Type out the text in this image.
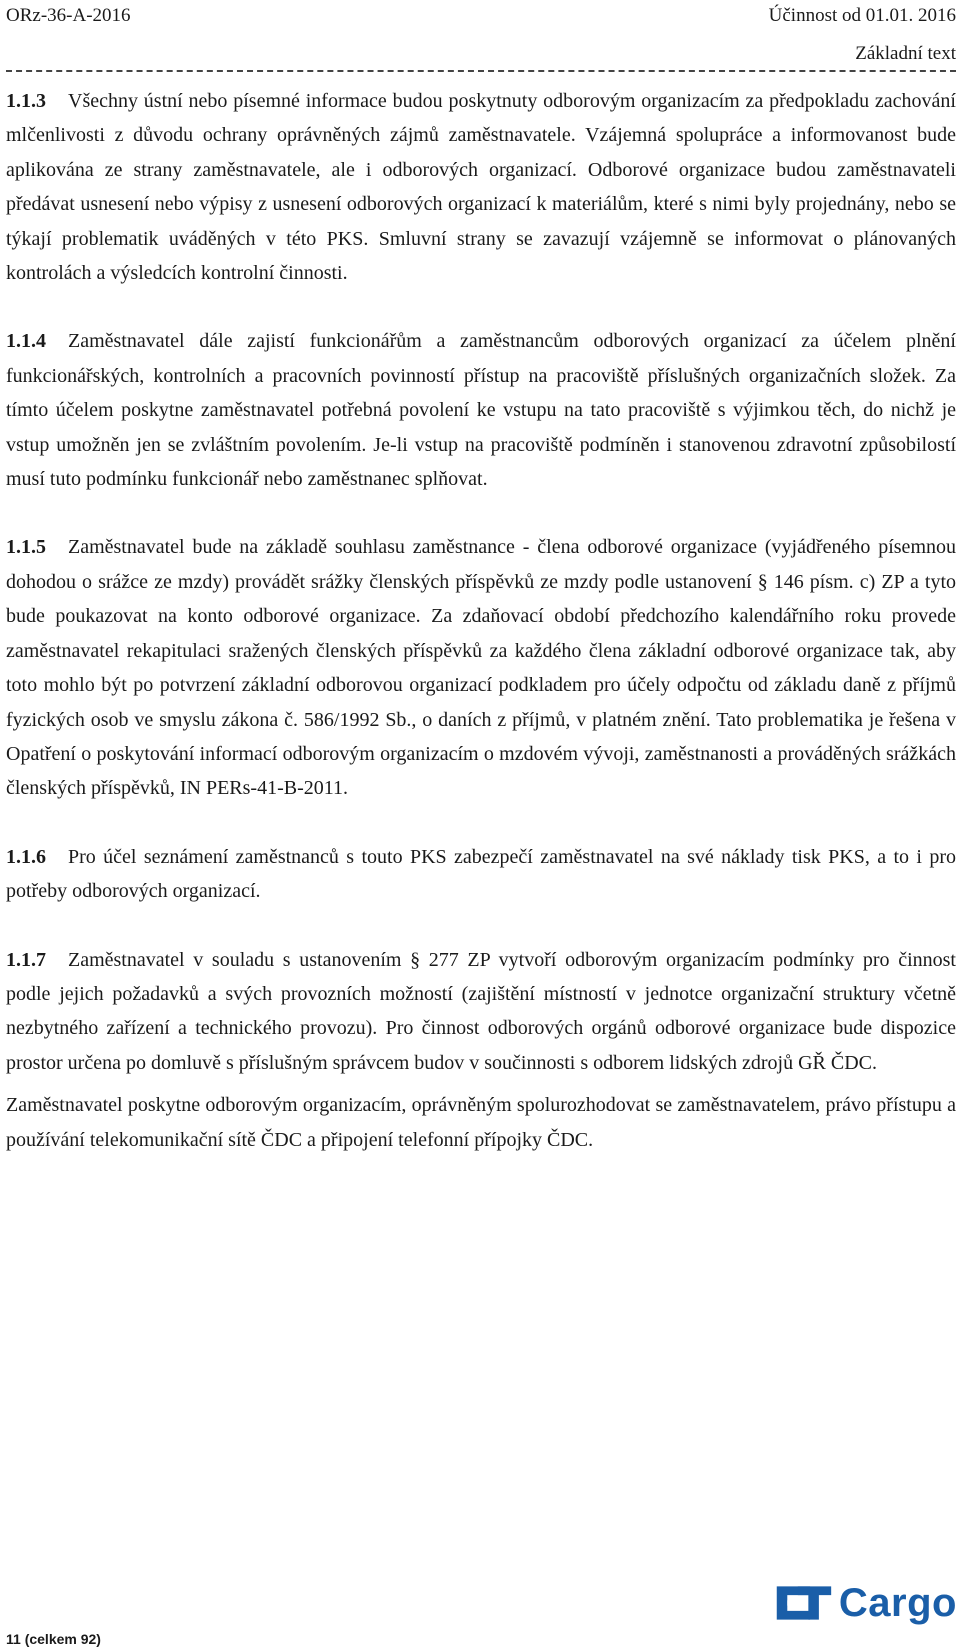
ORz-36-A-2016	Účinnost od 01.01. 2016
Základní text

1.1.3 Všechny ústní nebo písemné informace budou poskytnuty odborovým organizacím za předpokladu zachování mlčenlivosti z důvodu ochrany oprávněných zájmů zaměstnavatele. Vzájemná spolupráce a informovanost bude aplikována ze strany zaměstnavatele, ale i odborových organizací. Odborové organizace budou zaměstnavateli předávat usnesení nebo výpisy z usnesení odborových organizací k materiálům, které s nimi byly projednány, nebo se týkají problematik uváděných v této PKS. Smluvní strany se zavazují vzájemně se informovat o plánovaných kontrolách a výsledcích kontrolní činnosti.

1.1.4 Zaměstnavatel dále zajistí funkcionářům a zaměstnancům odborových organizací za účelem plnění funkcionářských, kontrolních a pracovních povinností přístup na pracoviště příslušných organizačních složek. Za tímto účelem poskytne zaměstnavatel potřebná povolení ke vstupu na tato pracoviště s výjimkou těch, do nichž je vstup umožněn jen se zvláštním povolením. Je-li vstup na pracoviště podmíněn i stanovenou zdravotní způsobilostí musí tuto podmínku funkcionář nebo zaměstnanec splňovat.

1.1.5 Zaměstnavatel bude na základě souhlasu zaměstnance - člena odborové organizace (vyjádřeného písemnou dohodou o srážce ze mzdy) provádět srážky členských příspěvků ze mzdy podle ustanovení § 146 písm. c) ZP a tyto bude poukazovat na konto odborové organizace. Za zdaňovací období předchozího kalendářního roku provede zaměstnavatel rekapitulaci sražených členských příspěvků za každého člena základní odborové organizace tak, aby toto mohlo být po potvrzení základní odborovou organizací podkladem pro účely odpočtu od základu daně z příjmů fyzických osob ve smyslu zákona č. 586/1992 Sb., o daních z příjmů, v platném znění. Tato problematika je řešena v Opatření o poskytování informací odborovým organizacím o mzdovém vývoji, zaměstnanosti a prováděných srážkách členských příspěvků, IN PERs-41-B-2011.

1.1.6 Pro účel seznámení zaměstnanců s touto PKS zabezpečí zaměstnavatel na své náklady tisk PKS, a to i pro potřeby odborových organizací.

1.1.7 Zaměstnavatel v souladu s ustanovením § 277 ZP vytvoří odborovým organizacím podmínky pro činnost podle jejich požadavků a svých provozních možností (zajištění místností v jednotce organizační struktury včetně nezbytného zařízení a technického provozu). Pro činnost odborových orgánů odborové organizace bude dispozice prostor určena po domluvě s příslušným správcem budov v součinnosti s odborem lidských zdrojů GŘ ČDC.

Zaměstnavatel poskytne odborovým organizacím, oprávněným spolurozhodovat se zaměstnavatelem, právo přístupu a používání telekomunikační sítě ČDC a připojení telefonní přípojky ČDC.

11 (celkem 92)
Cargo
